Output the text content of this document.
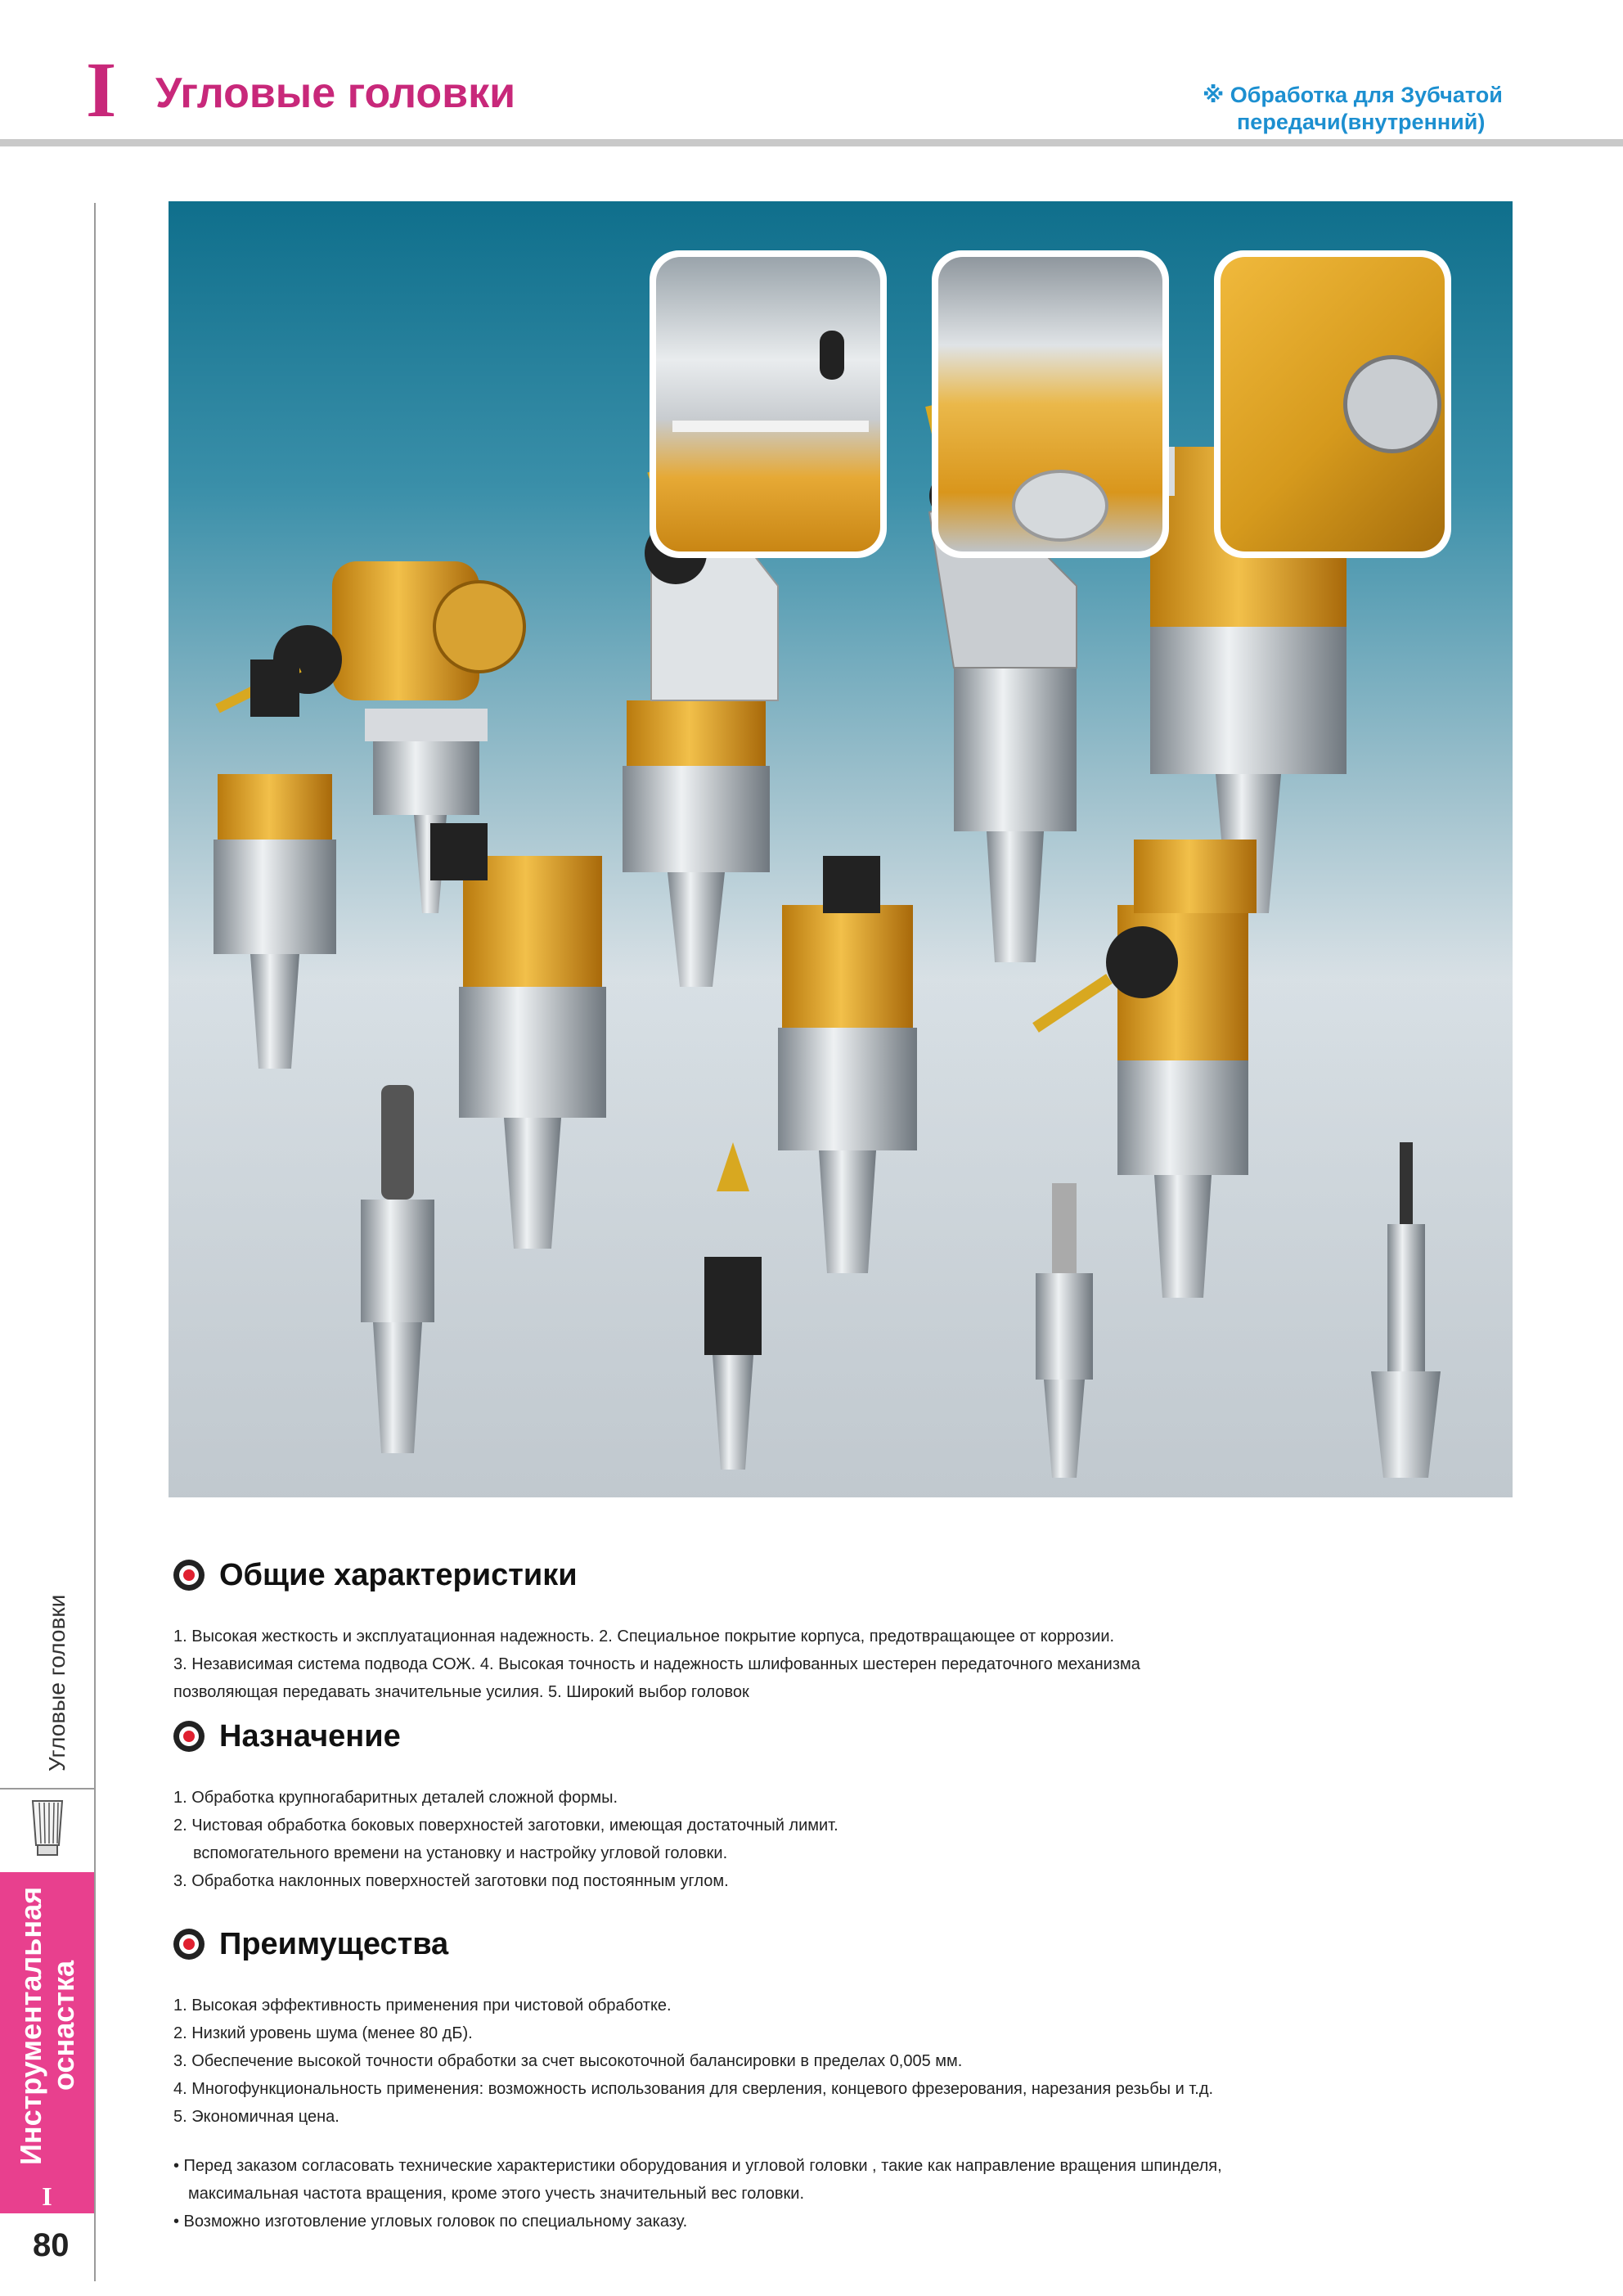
I Угловые головки	※ Обработка для Зубчатой
передачи(внутренний)
Угловые головки
Инструментальная оснастка
I
80
Общие характеристики

1. Высокая жесткость и эксплуатационная надежность. 2. Специальное покрытие корпуса, предотвращающее от коррозии.

3. Независимая система подвода СОЖ. 4. Высокая точность и надежность шлифованных шестерен передаточного механизма

позволяющая передавать значительные усилия. 5. Широкий выбор головок

Назначение

1. Обработка крупногабаритных деталей сложной формы.

2. Чистовая обработка боковых поверхностей заготовки, имеющая достаточный лимит.

вспомогательного времени на установку и настройку угловой головки.

3. Обработка наклонных поверхностей заготовки под постоянным углом.

Преимущества

1. Высокая эффективность применения при чистовой обработке.

2. Низкий уровень шума (менее 80 дБ).

3. Обеспечение высокой точности обработки за счет высокоточной балансировки в пределах 0,005 мм.

4. Многофункциональность применения: возможность использования для сверления, концевого фрезерования, нарезания резьбы и т.д.

5. Экономичная цена.

• Перед заказом согласовать технические характеристики оборудования и угловой головки , такие как направление вращения шпинделя,

максимальная частота вращения, кроме этого учесть значительный вес головки.

• Возможно изготовление угловых головок по специальному заказу.
